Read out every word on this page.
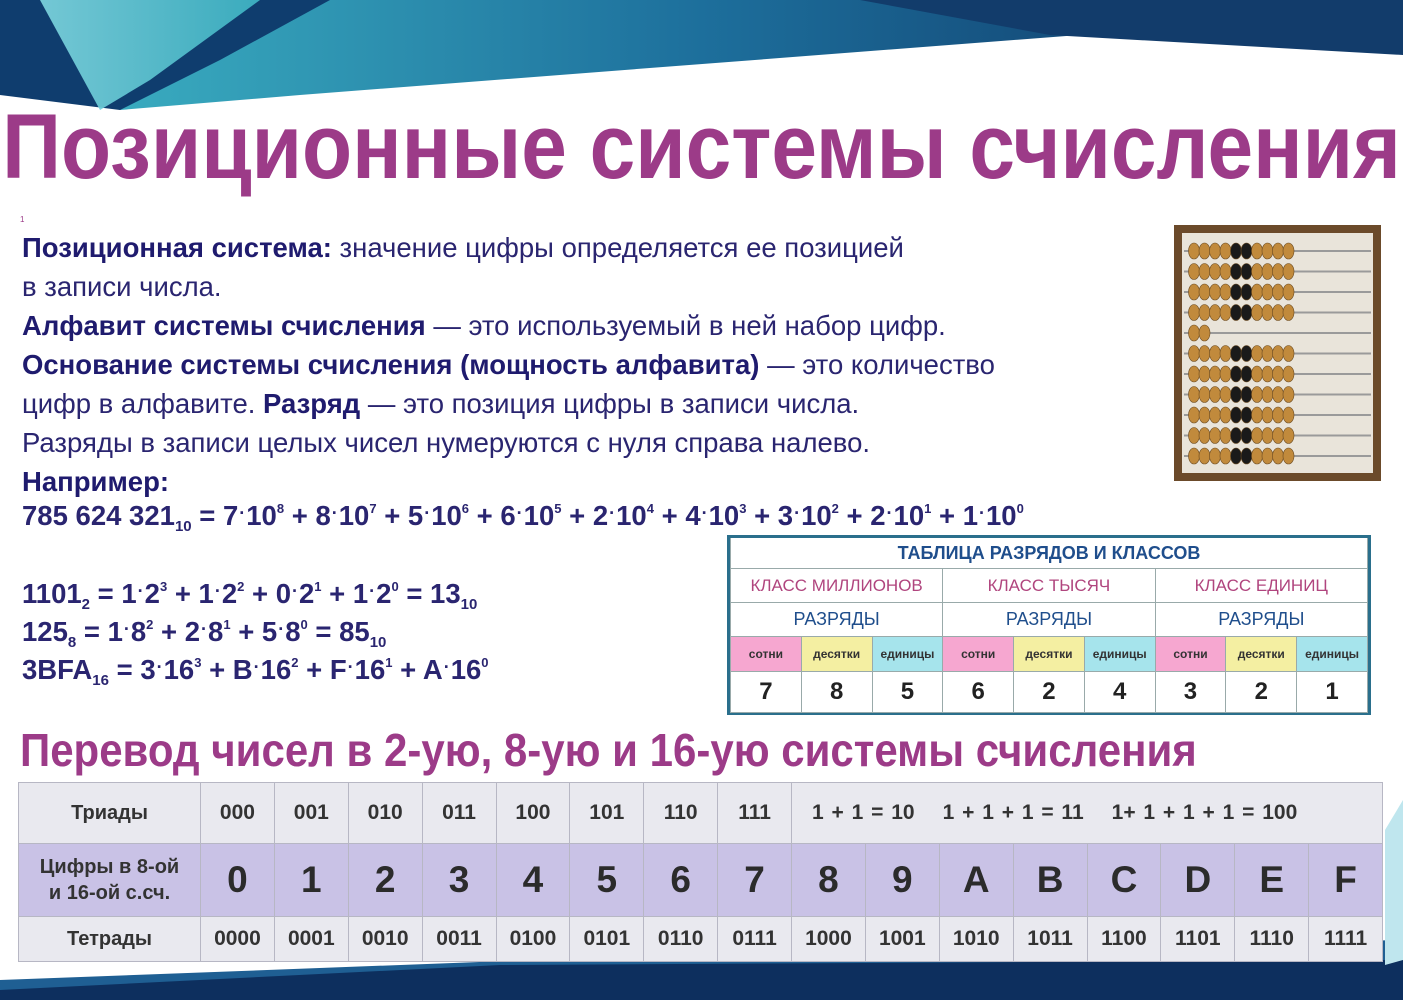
Позиционные системы счисления
1

Позиционная система: значение цифры определяется ее позицией

в записи числа.

Алфавит системы счисления — это используемый в ней набор цифр.

Основание системы счисления (мощность алфавита) — это количество

цифр в алфавите. Разряд — это позиция цифры в записи числа.

Разряды в записи целых чисел нумеруются с нуля справа налево.

Например:

785 624 $321_{10} = 7^\cdot 10^8 + 8^\cdot 10^7 + 5^\cdot 10^6 + 6^\cdot 10^5 + 2^\cdot 10^4 + 4^\cdot 10^3 + 3^\cdot 10^2 + 2^\cdot 10^1 + 1^\cdot 10^0$
$1101_2 = 1^\cdot 2^3 + 1^\cdot 2^2 + 0^\cdot 2^1 + 1^\cdot 2^0 = 13_{10}$
$125_8 = 1^\cdot 8^2 + 2^\cdot 8^1 + 5^\cdot 8^0 = 85_{10}$
$3BFA_{16} = 3^\cdot 16^3 + B^\cdot 16^2 + F^\cdot 16^1 + A^\cdot 16^0$
ТАБЛИЦА РАЗРЯДОВ И КЛАССОВ								
КЛАСС МИЛЛИОНОВ			КЛАСС ТЫСЯЧ			КЛАСС ЕДИНИЦ		
РАЗРЯДЫ			РАЗРЯДЫ			РАЗРЯДЫ		
сотни	десятки	единицы	сотни	десятки	единицы	сотни	десятки	единицы
7	8	5	6	2	4	3	2	1
Перевод чисел в 2-ую, 8-ую и 16-ую системы счисления
Триады	000	001	010	011	100	101	110	111	1 + 1 = 10 1 + 1 + 1 = 11 1+ 1 + 1 + 1 = 100							
Цифры в 8-ой
и 16-ой с.сч.	0	1	2	3	4	5	6	7	8	9	A	B	C	D	E	F
Тетрады	0000	0001	0010	0011	0100	0101	0110	0111	1000	1001	1010	1011	1100	1101	1110	1111
